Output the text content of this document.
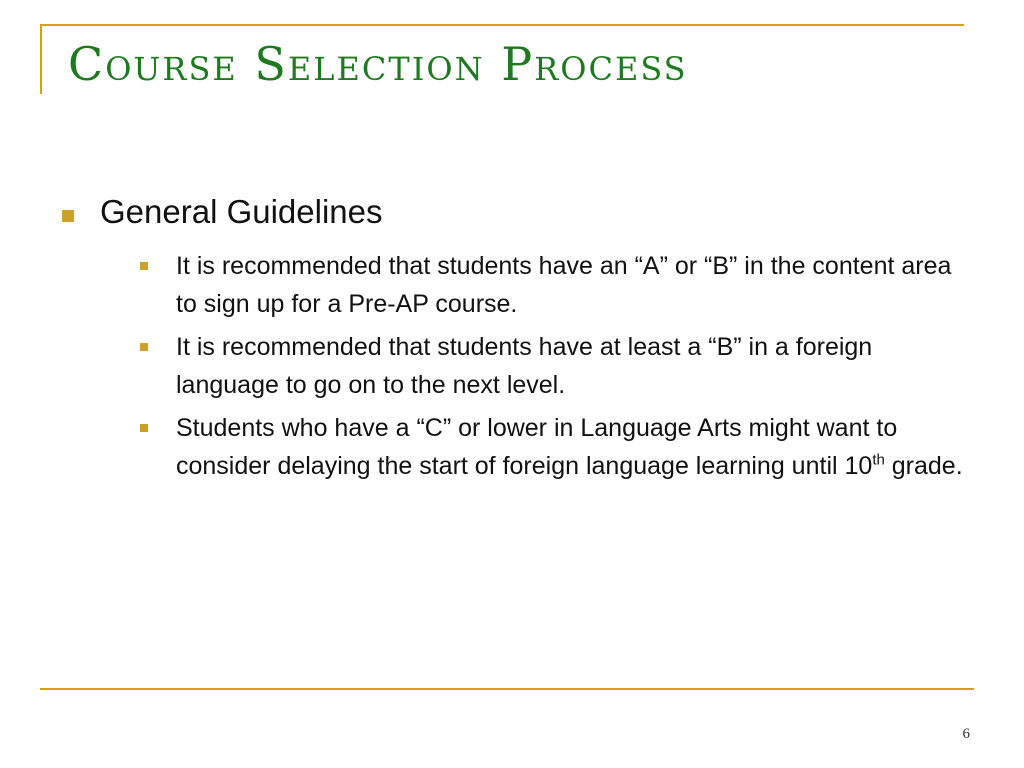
Course Selection Process
General Guidelines
It is recommended that students have an “A” or “B” in the content area to sign up for a Pre-AP course.
It is recommended that students have at least a “B” in a foreign language to go on to the next level.
Students who have a “C” or lower in Language Arts might want to consider delaying the start of foreign language learning until 10th grade.
6
